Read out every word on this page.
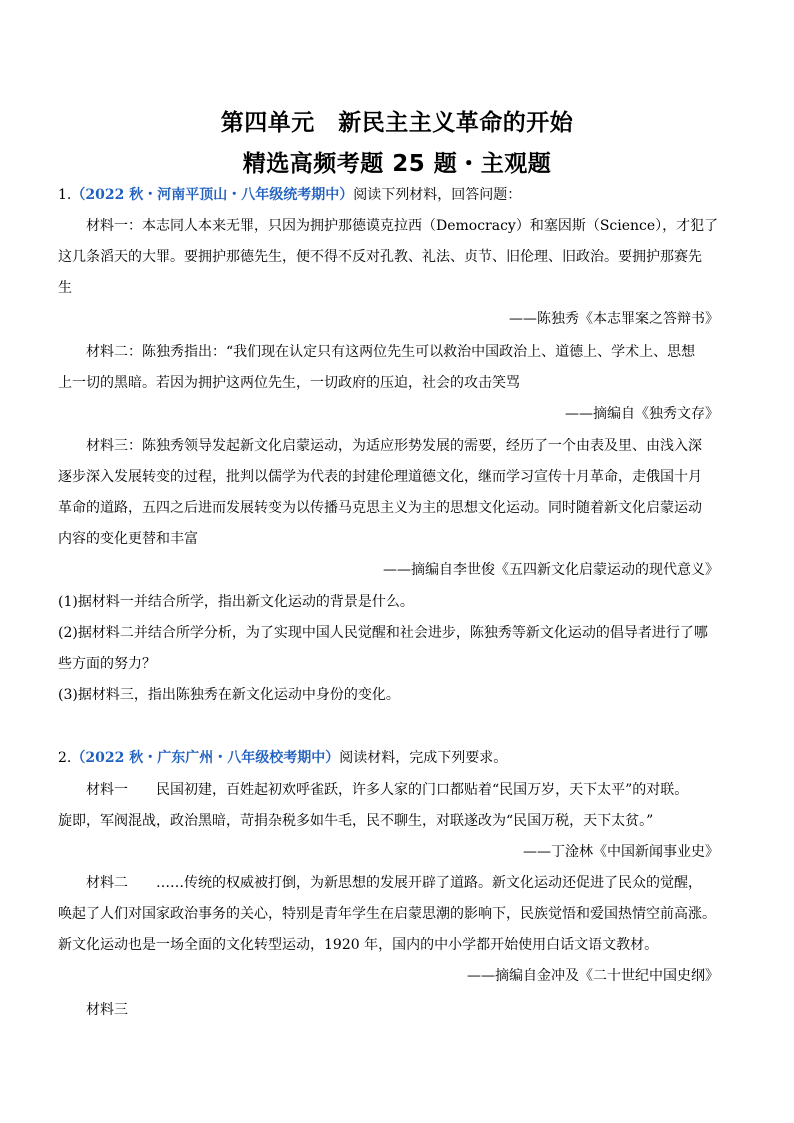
第四单元　新民主主义革命的开始
精选高频考题 25 题・主观题
1.（2022 秋・河南平顶山・八年级统考期中）阅读下列材料，回答问题：
材料一：本志同人本来无罪，只因为拥护那德谟克拉西（Democracy）和塞因斯（Science），才犯了
这几条滔天的大罪。要拥护那德先生，便不得不反对孔教、礼法、贞节、旧伦理、旧政治。要拥护那赛先
生
——陈独秀《本志罪案之答辩书》
材料二：陈独秀指出：“我们现在认定只有这两位先生可以救治中国政治上、道德上、学术上、思想
上一切的黑暗。若因为拥护这两位先生，一切政府的压迫，社会的攻击笑骂
——摘编自《独秀文存》
材料三：陈独秀领导发起新文化启蒙运动，为适应形势发展的需要，经历了一个由表及里、由浅入深
逐步深入发展转变的过程，批判以儒学为代表的封建伦理道德文化，继而学习宣传十月革命，走俄国十月
革命的道路，五四之后进而发展转变为以传播马克思主义为主的思想文化运动。同时随着新文化启蒙运动
内容的变化更替和丰富
——摘编自李世俊《五四新文化启蒙运动的现代意义》
(1)据材料一并结合所学，指出新文化运动的背景是什么。
(2)据材料二并结合所学分析，为了实现中国人民觉醒和社会进步，陈独秀等新文化运动的倡导者进行了哪
些方面的努力？
(3)据材料三，指出陈独秀在新文化运动中身份的变化。
2.（2022 秋・广东广州・八年级校考期中）阅读材料，完成下列要求。
材料一　　民国初建，百姓起初欢呼雀跃，许多人家的门口都贴着“民国万岁，天下太平”的对联。
旋即，军阀混战，政治黑暗，苛捐杂税多如牛毛，民不聊生，对联遂改为“民国万税，天下太贫。”
——丁淦林《中国新闻事业史》
材料二　　……传统的权威被打倒，为新思想的发展开辟了道路。新文化运动还促进了民众的觉醒，
唤起了人们对国家政治事务的关心，特别是青年学生在启蒙思潮的影响下，民族觉悟和爱国热情空前高涨。
新文化运动也是一场全面的文化转型运动，1920 年，国内的中小学都开始使用白话文语文教材。
——摘编自金冲及《二十世纪中国史纲》
材料三
